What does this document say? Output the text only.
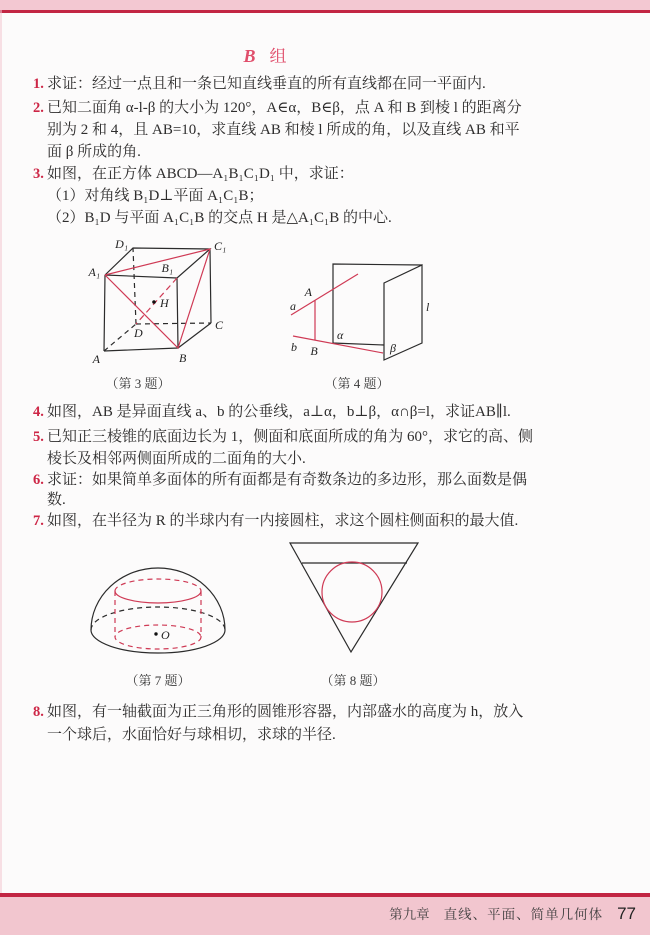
B 组
1. 求证：经过一点且和一条已知直线垂直的所有直线都在同一平面内.
2. 已知二面角 α-l-β 的大小为 120°，A∈α，B∈β，点 A 和 B 到棱 l 的距离分
别为 2 和 4，且 AB=10，求直线 AB 和棱 l 所成的角，以及直线 AB 和平
面 β 所成的角.
3. 如图，在正方体 ABCD—A₁B₁C₁D₁ 中，求证：
（1）对角线 B₁D⊥平面 A₁C₁B；
（2）B₁D 与平面 A₁C₁B 的交点 H 是△A₁C₁B 的中心.
D₁	C₁
A₁	B₁
H
D
C
A	B
（第 3 题）
a
A
b B
α
β
l
（第 4 题）
4. 如图，AB 是异面直线 a、b 的公垂线，a⊥α，b⊥β，α∩β=l，求证AB∥l.
5. 已知正三棱锥的底面边长为 1，侧面和底面所成的角为 60°，求它的高、侧
棱长及相邻两侧面所成的二面角的大小.
6. 求证：如果简单多面体的所有面都是有奇数条边的多边形，那么面数是偶
数.
7. 如图，在半径为 R 的半球内有一内接圆柱，求这个圆柱侧面积的最大值.
O
（第 7 题）	（第 8 题）
8. 如图，有一轴截面为正三角形的圆锥形容器，内部盛水的高度为 h，放入
一个球后，水面恰好与球相切，求球的半径.
第九章 直线、平面、简单几何体 77
